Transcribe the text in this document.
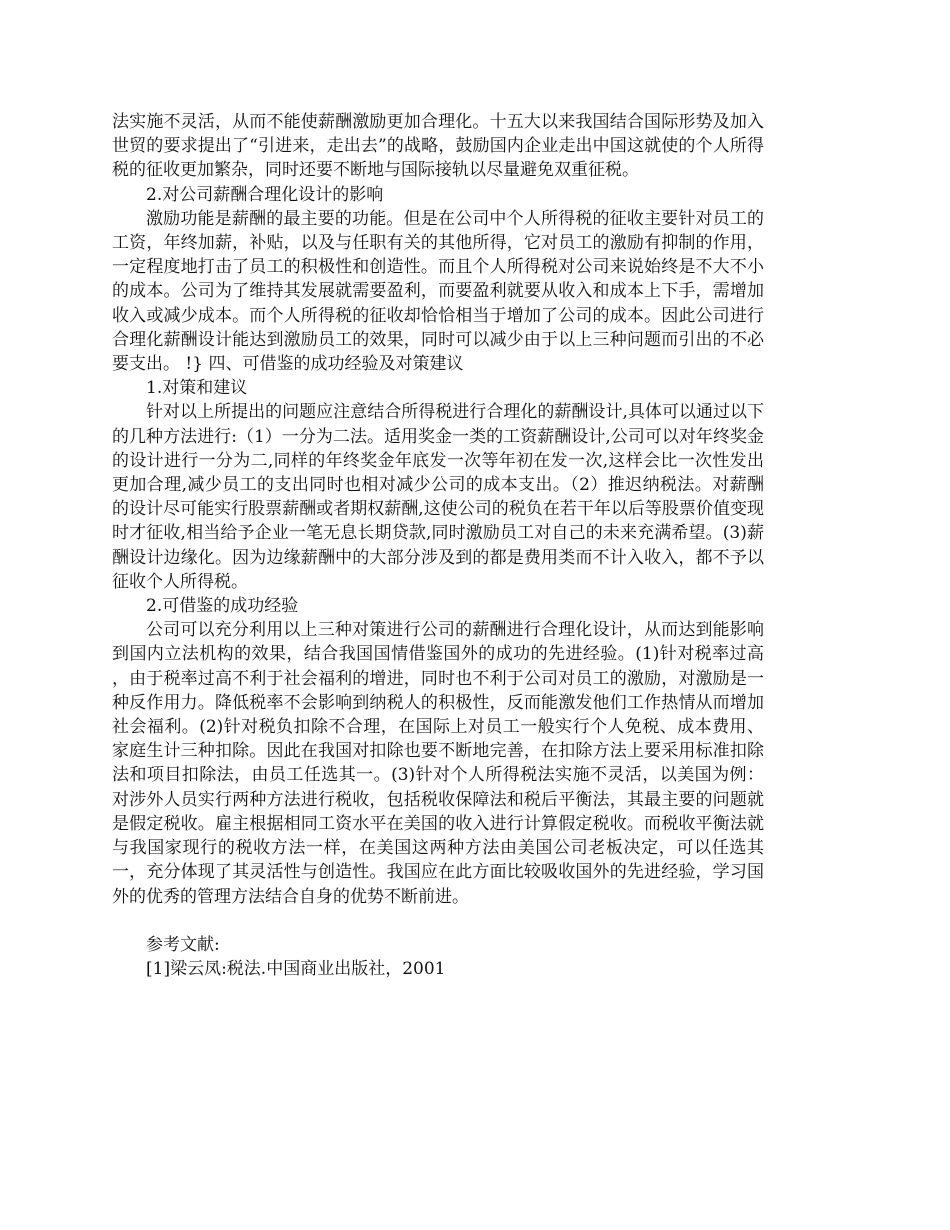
法实施不灵活，从而不能使薪酬激励更加合理化。十五大以来我国结合国际形势及加入世贸的要求提出了“引进来，走出去”的战略，鼓励国内企业走出中国这就使的个人所得税的征收更加繁杂，同时还要不断地与国际接轨以尽量避免双重征税。

2.对公司薪酬合理化设计的影响

激励功能是薪酬的最主要的功能。但是在公司中个人所得税的征收主要针对员工的工资，年终加薪，补贴，以及与任职有关的其他所得，它对员工的激励有抑制的作用，一定程度地打击了员工的积极性和创造性。而且个人所得税对公司来说始终是不大不小的成本。公司为了维持其发展就需要盈利，而要盈利就要从收入和成本上下手，需增加收入或减少成本。而个人所得税的征收却恰恰相当于增加了公司的成本。因此公司进行合理化薪酬设计能达到激励员工的效果，同时可以减少由于以上三种问题而引出的不必要支出。 !} 四、可借鉴的成功经验及对策建议

1.对策和建议

针对以上所提出的问题应注意结合所得税进行合理化的薪酬设计,具体可以通过以下的几种方法进行:（1）一分为二法。适用奖金一类的工资薪酬设计,公司可以对年终奖金的设计进行一分为二,同样的年终奖金年底发一次等年初在发一次,这样会比一次性发出更加合理,减少员工的支出同时也相对减少公司的成本支出。（2）推迟纳税法。对薪酬的设计尽可能实行股票薪酬或者期权薪酬,这使公司的税负在若干年以后等股票价值变现时才征收,相当给予企业一笔无息长期贷款,同时激励员工对自己的未来充满希望。(3)薪酬设计边缘化。因为边缘薪酬中的大部分涉及到的都是费用类而不计入收入，都不予以征收个人所得税。

2.可借鉴的成功经验

公司可以充分利用以上三种对策进行公司的薪酬进行合理化设计，从而达到能影响到国内立法机构的效果，结合我国国情借鉴国外的成功的先进经验。(1)针对税率过高 ，由于税率过高不利于社会福利的增进，同时也不利于公司对员工的激励，对激励是一种反作用力。降低税率不会影响到纳税人的积极性，反而能激发他们工作热情从而增加社会福利。(2)针对税负扣除不合理，在国际上对员工一般实行个人免税、成本费用、家庭生计三种扣除。因此在我国对扣除也要不断地完善，在扣除方法上要采用标准扣除法和项目扣除法，由员工任选其一。(3)针对个人所得税法实施不灵活，以美国为例：对涉外人员实行两种方法进行税收，包括税收保障法和税后平衡法，其最主要的问题就是假定税收。雇主根据相同工资水平在美国的收入进行计算假定税收。而税收平衡法就与我国家现行的税收方法一样，在美国这两种方法由美国公司老板决定，可以任选其一，充分体现了其灵活性与创造性。我国应在此方面比较吸收国外的先进经验，学习国外的优秀的管理方法结合自身的优势不断前进。

参考文献:

[1]梁云凤:税法.中国商业出版社，2001
